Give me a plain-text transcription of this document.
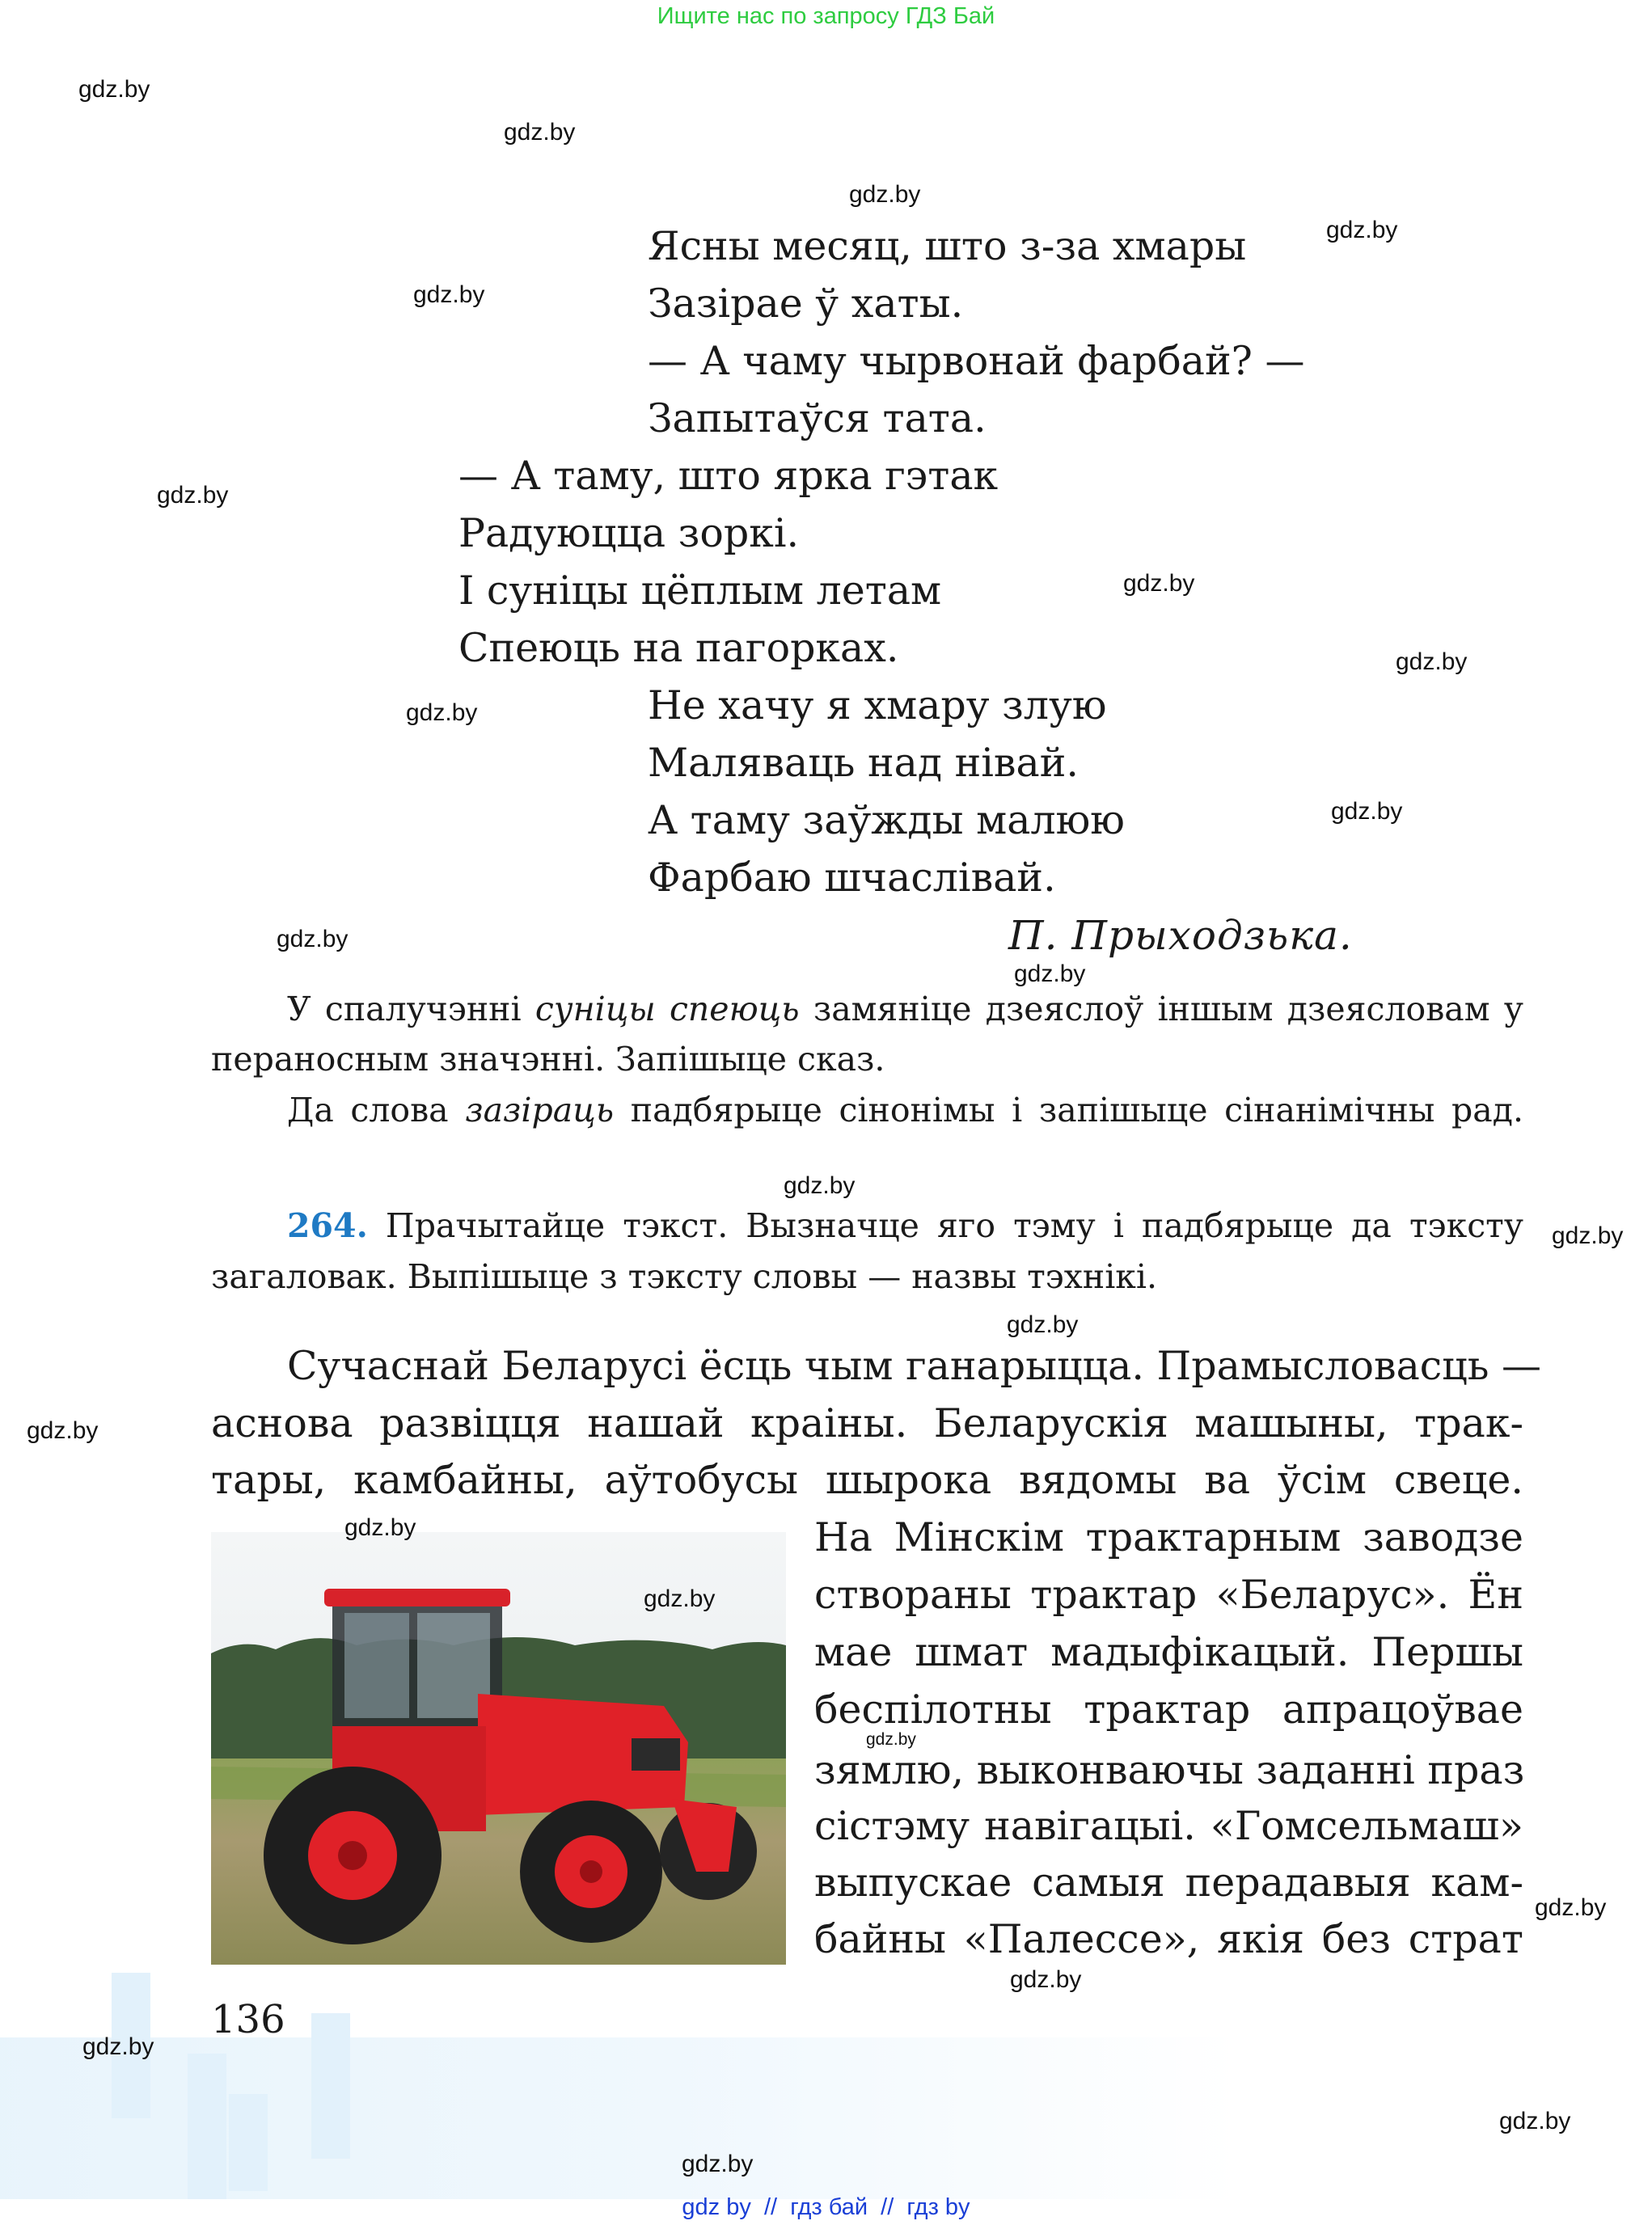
Ищите нас по запросу ГДЗ Бай
Ясны месяц, што з-за хмары
Зазірае ў хаты.
— А чаму чырвонай фарбай? —
Запытаўся тата.
— А таму, што ярка гэтак
Радуюцца зоркі.
І суніцы цёплым летам
Спеюць на пагорках.
Не хачу я хмару злую
Маляваць над нівай.
А таму заўжды малюю
Фарбаю шчаслівай.
П. Прыходзька.
У спалучэнні суніцы спеюць замяніце дзеяслоў іншым дзеясловам у
пераносным значэнні. Запішыце сказ.
Да слова зазіраць падбярыце сінонімы і запішыце сінанімічны рад.
264. Прачытайце тэкст. Вызначце яго тэму і падбярыце да тэксту
загаловак. Выпішыце з тэксту словы — назвы тэхнікі.
Сучаснай Беларусі ёсць чым ганарыцца. Прамысловасць —
аснова развіцця нашай краіны. Беларускія машыны, трак-
тары, камбайны, аўтобусы шырока вядомы ва ўсім свеце.
На Мінскім трактарным заводзе
створаны трактар «Беларус». Ён
мае шмат мадыфікацый. Першы
беспілотны трактар апрацоўвае
зямлю, выконваючы заданні праз
сістэму навігацыі. «Гомсельмаш»
выпускае самыя перадавыя кам-
байны «Палессе», якія без страт
136
gdz.by
gdz.by
gdz.by
gdz.by
gdz.by
gdz.by
gdz.by
gdz.by
gdz.by
gdz.by
gdz.by
gdz.by
gdz.by
gdz.by
gdz.by
gdz.by
gdz.by
gdz.by
gdz.by
gdz.by
gdz.by
gdz.by
gdz.by
gdz.by
gdz by  //  гдз бай  //  гдз by
